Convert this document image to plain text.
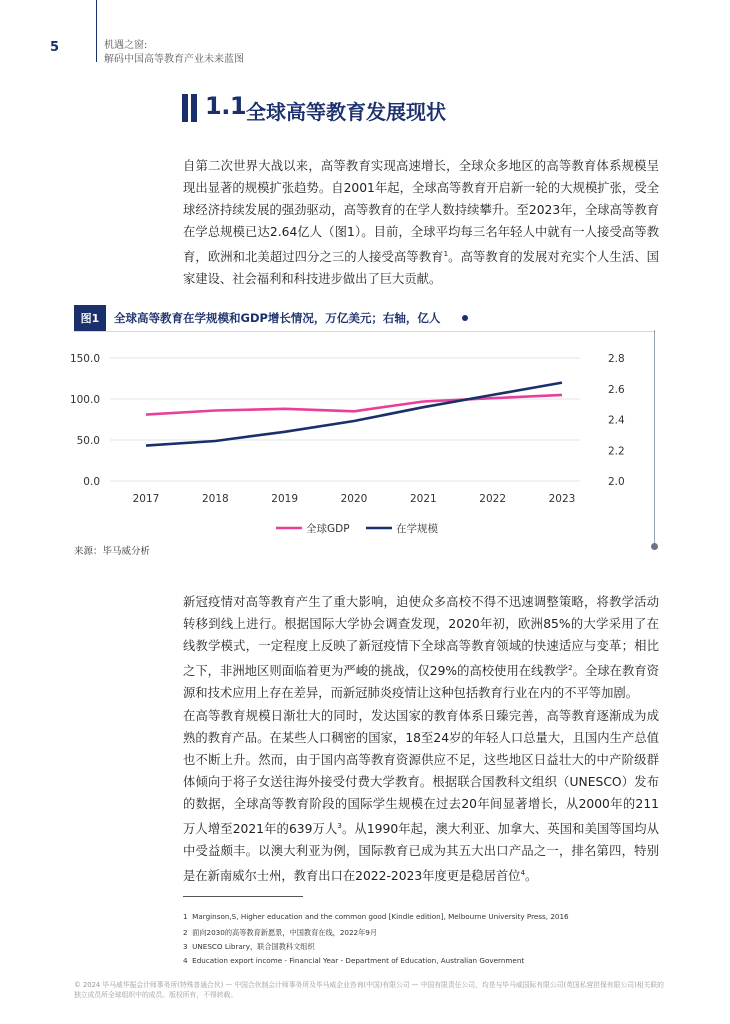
5	机遇之窗:
解码中国高等教育产业未来蓝图
1.1 全球高等教育发展现状
自第二次世界大战以来，高等教育实现高速增长，全球众多地区的高等教育体系规模呈现出显著的规模扩张趋势。自2001年起，全球高等教育开启新一轮的大规模扩张，受全球经济持续发展的强劲驱动，高等教育的在学人数持续攀升。至2023年，全球高等教育在学总规模已达2.64亿人（图1）。目前，全球平均每三名年轻人中就有一人接受高等教育，欧洲和北美超过四分之三的人接受高等教育$^1$。高等教育的发展对充实个人生活、国家建设、社会福利和科技进步做出了巨大贡献。
图1	全球高等教育在学规模和GDP增长情况，万亿美元；右轴，亿人
0.0
50.0
100.0
150.0
2.0
2.2
2.4
2.6
2.8
2017	2018	2019	2020	2021	2022	2023
全球GDP	在学规模
来源：毕马威分析
新冠疫情对高等教育产生了重大影响，迫使众多高校不得不迅速调整策略，将教学活动转移到线上进行。根据国际大学协会调查发现，2020年初，欧洲85%的大学采用了在线教学模式，一定程度上反映了新冠疫情下全球高等教育领域的快速适应与变革；相比之下，非洲地区则面临着更为严峻的挑战，仅29%的高校使用在线教学$^2$。全球在教育资源和技术应用上存在差异，而新冠肺炎疫情让这种包括教育行业在内的不平等加剧。
在高等教育规模日渐壮大的同时，发达国家的教育体系日臻完善，高等教育逐渐成为成熟的教育产品。在某些人口稠密的国家，18至24岁的年轻人口总量大，且国内生产总值也不断上升。然而，由于国内高等教育资源供应不足，这些地区日益壮大的中产阶级群体倾向于将子女送往海外接受付费大学教育。根据联合国教科文组织（UNESCO）发布的数据，全球高等教育阶段的国际学生规模在过去20年间显著增长，从2000年的211万人增至2021年的639万人$^3$。从1990年起，澳大利亚、加拿大、英国和美国等国均从中受益颇丰。以澳大利亚为例，国际教育已成为其五大出口产品之一，排名第四，特别是在新南威尔士州，教育出口在2022-2023年度更是稳居首位$^4$。
1 Marginson,S, Higher education and the common good [Kindle edition], Melbourne University Press, 2016
2 面向2030的高等教育新愿景，中国教育在线，2022年9月
3 UNESCO Library，联合国教科文组织
4 Education export income - Financial Year - Department of Education, Australian Government
© 2024 毕马威华振会计师事务所(特殊普通合伙) — 中国合伙制会计师事务所及毕马威企业咨询(中国)有限公司 — 中国有限责任公司，均是与毕马威国际有限公司(英国私营担保有限公司)相关联的独立成员所全球组织中的成员。版权所有，不得转载。
